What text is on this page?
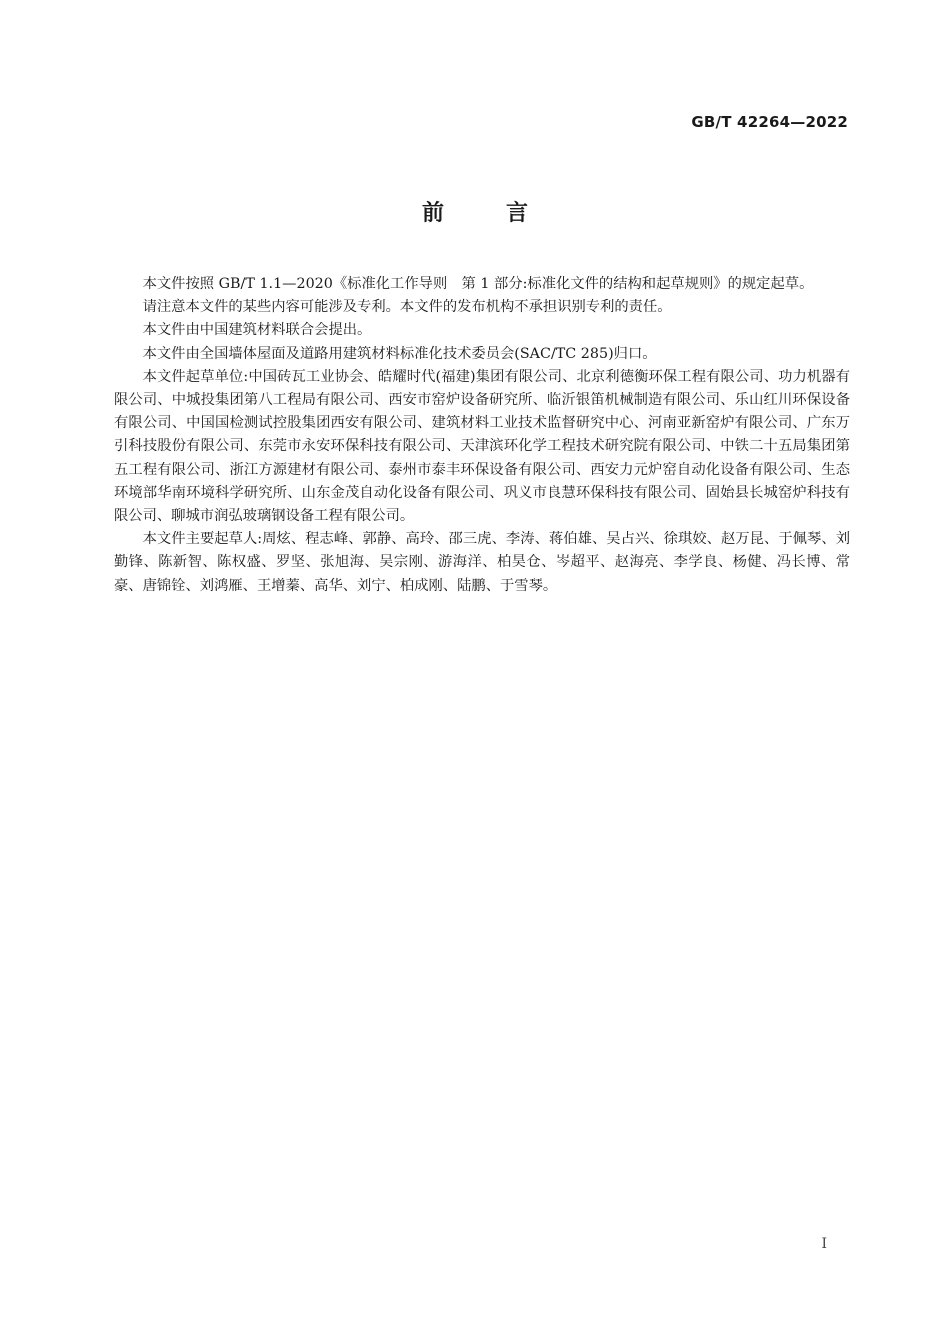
GB/T 42264—2022
前	言

本文件按照 GB/T 1.1—2020《标准化工作导则　第 1 部分:标准化文件的结构和起草规则》的规定起草。

请注意本文件的某些内容可能涉及专利。本文件的发布机构不承担识别专利的责任。

本文件由中国建筑材料联合会提出。

本文件由全国墙体屋面及道路用建筑材料标准化技术委员会(SAC/TC 285)归口。

本文件起草单位:中国砖瓦工业协会、皓耀时代(福建)集团有限公司、北京利德衡环保工程有限公司、功力机器有限公司、中城投集团第八工程局有限公司、西安市窑炉设备研究所、临沂银笛机械制造有限公司、乐山红川环保设备有限公司、中国国检测试控股集团西安有限公司、建筑材料工业技术监督研究中心、河南亚新窑炉有限公司、广东万引科技股份有限公司、东莞市永安环保科技有限公司、天津滨环化学工程技术研究院有限公司、中铁二十五局集团第五工程有限公司、浙江方源建材有限公司、泰州市泰丰环保设备有限公司、西安力元炉窑自动化设备有限公司、生态环境部华南环境科学研究所、山东金茂自动化设备有限公司、巩义市良慧环保科技有限公司、固始县长城窑炉科技有限公司、聊城市润弘玻璃钢设备工程有限公司。

本文件主要起草人:周炫、程志峰、郭静、高玲、邵三虎、李涛、蒋伯雄、吴占兴、徐琪姣、赵万昆、于佩琴、刘勤锋、陈新智、陈权盛、罗坚、张旭海、吴宗刚、游海洋、柏昊仓、岑超平、赵海亮、李学良、杨健、冯长博、常豪、唐锦铨、刘鸿雁、王增蓁、高华、刘宁、柏成刚、陆鹏、于雪琴。

I
